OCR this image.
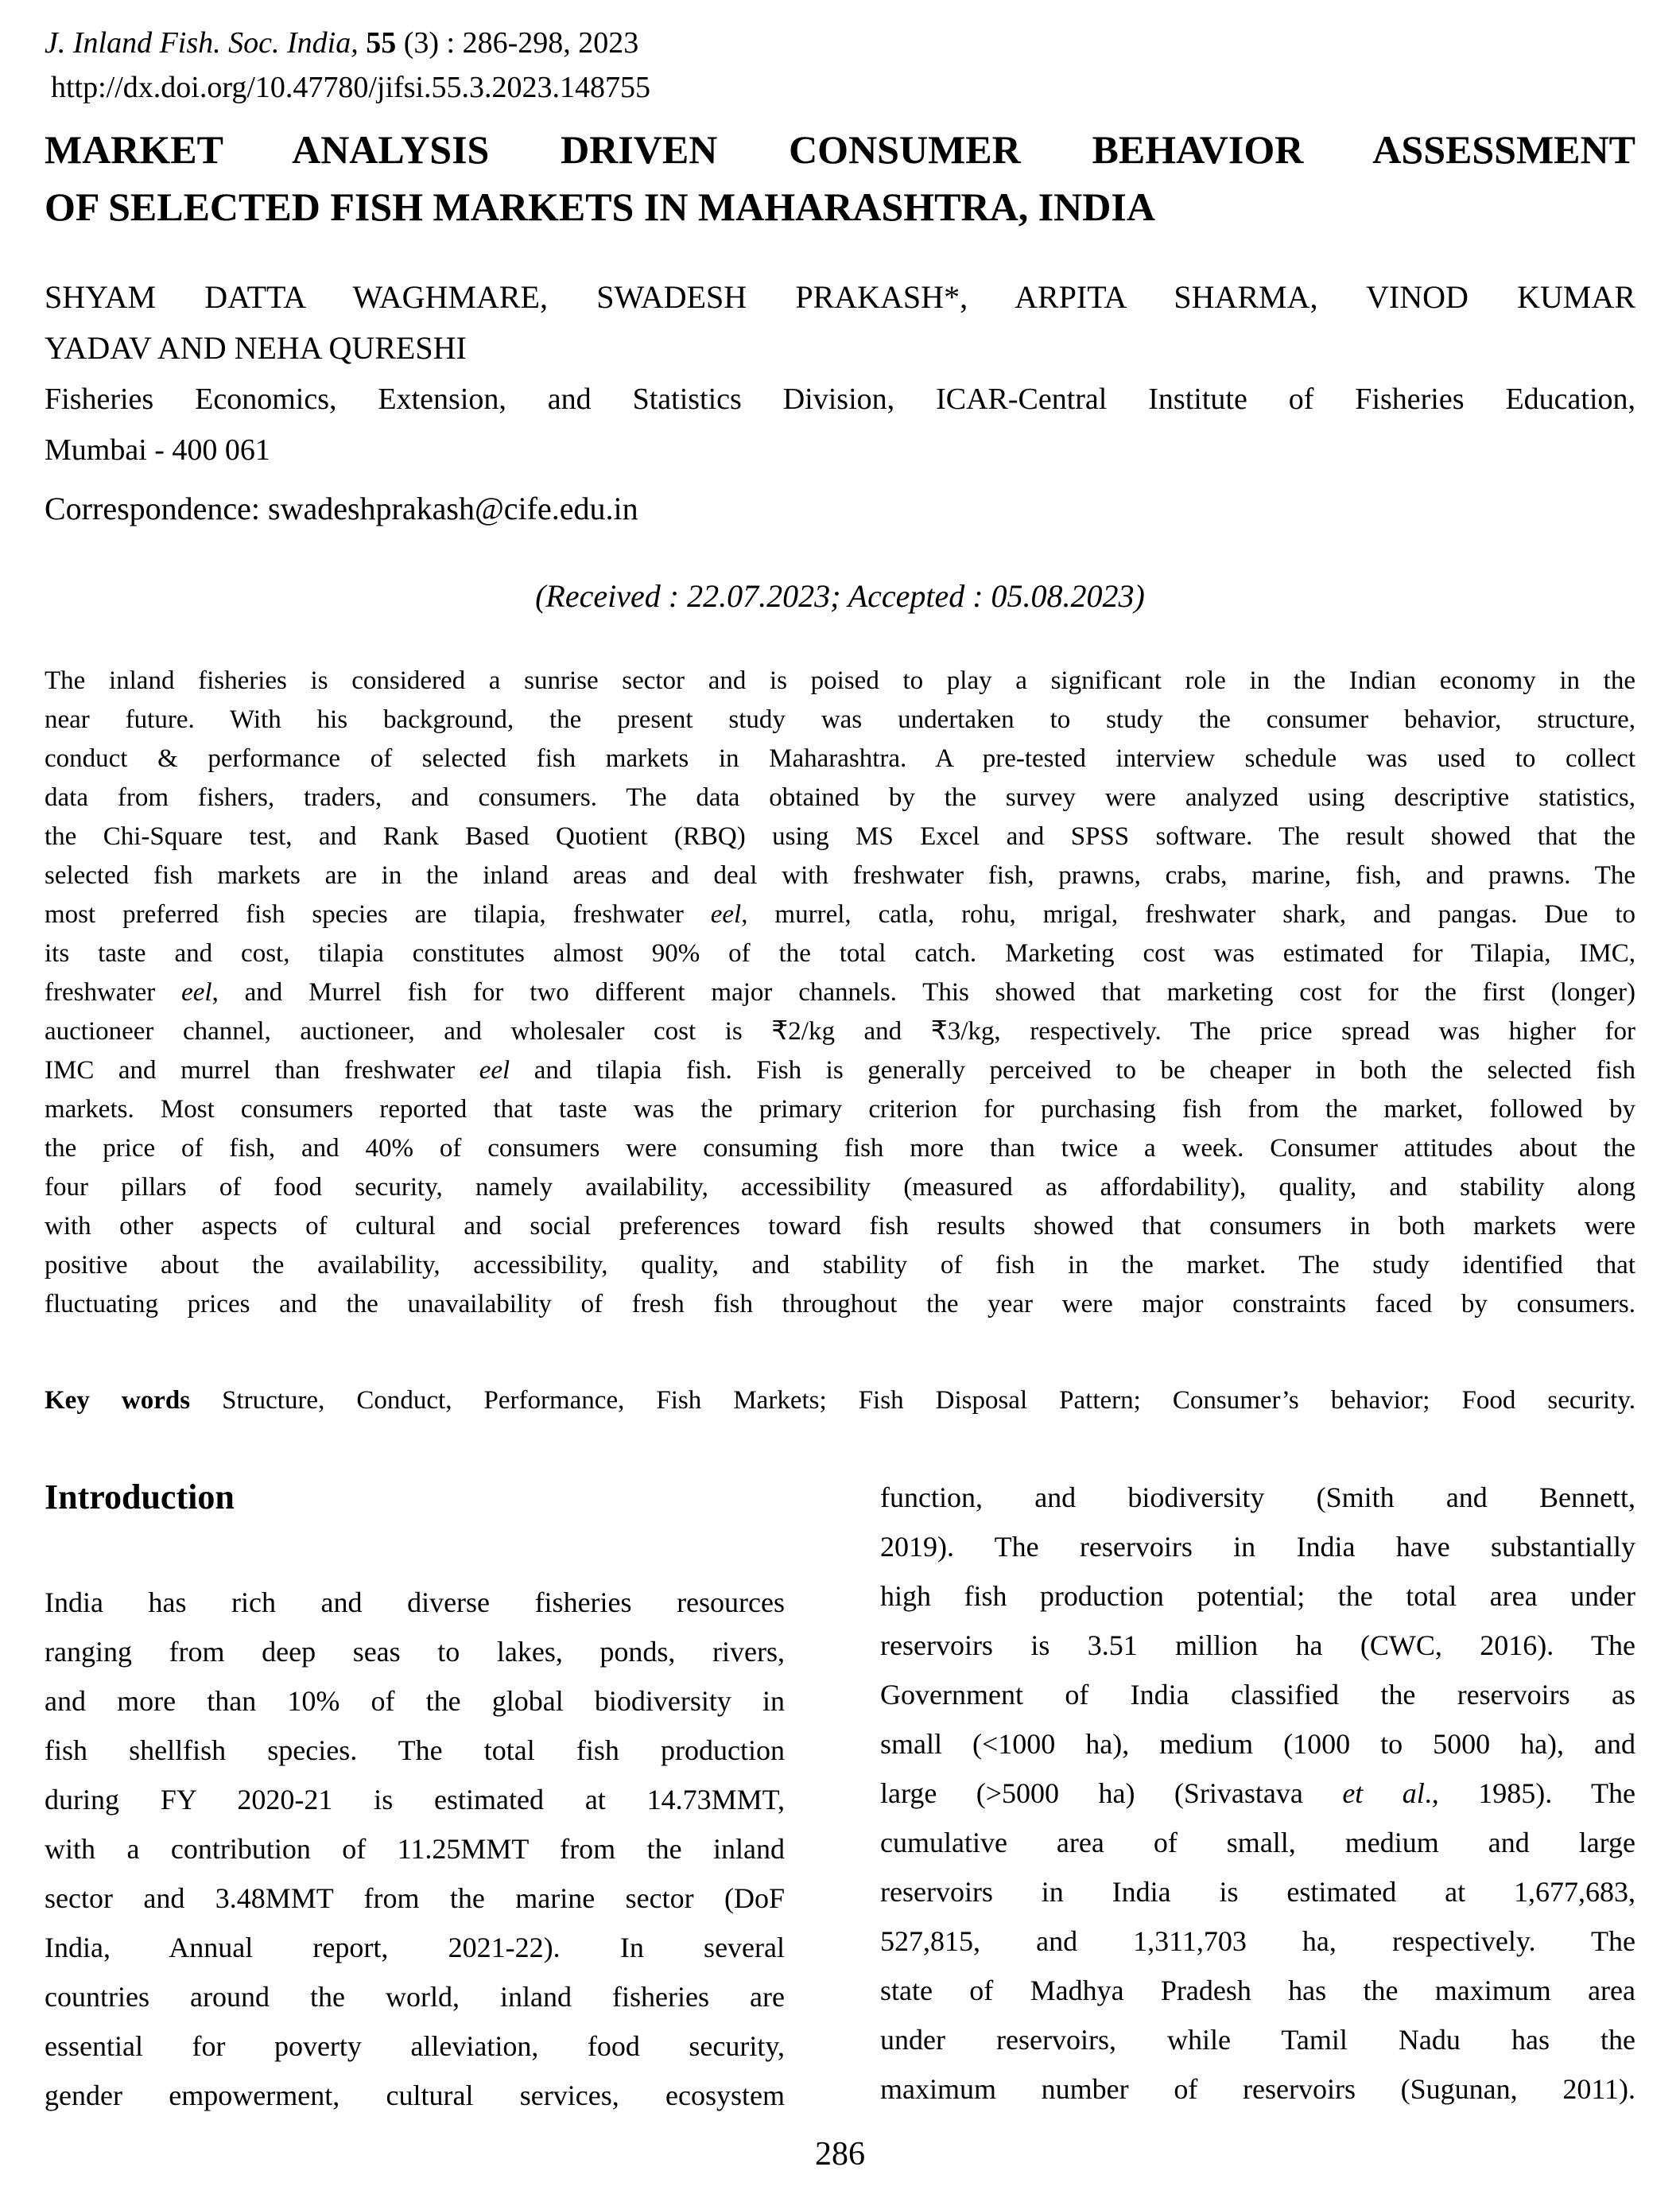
J. Inland Fish. Soc. India, 55 (3) : 286-298, 2023
http://dx.doi.org/10.47780/jifsi.55.3.2023.148755
MARKET ANALYSIS DRIVEN CONSUMER BEHAVIOR ASSESSMENT
OF SELECTED FISH MARKETS IN MAHARASHTRA, INDIA
SHYAM DATTA WAGHMARE, SWADESH PRAKASH*, ARPITA SHARMA, VINOD KUMAR
YADAV AND NEHA QURESHI
Fisheries Economics, Extension, and Statistics Division, ICAR-Central Institute of Fisheries Education,
Mumbai - 400 061
Correspondence: swadeshprakash@cife.edu.in
(Received : 22.07.2023; Accepted : 05.08.2023)
The inland fisheries is considered a sunrise sector and is poised to play a significant role in the Indian economy in the
near future. With his background, the present study was undertaken to study the consumer behavior, structure,
conduct & performance of selected fish markets in Maharashtra. A pre-tested interview schedule was used to collect
data from fishers, traders, and consumers. The data obtained by the survey were analyzed using descriptive statistics,
the Chi-Square test, and Rank Based Quotient (RBQ) using MS Excel and SPSS software. The result showed that the
selected fish markets are in the inland areas and deal with freshwater fish, prawns, crabs, marine, fish, and prawns. The
most preferred fish species are tilapia, freshwater eel, murrel, catla, rohu, mrigal, freshwater shark, and pangas. Due to
its taste and cost, tilapia constitutes almost 90% of the total catch. Marketing cost was estimated for Tilapia, IMC,
freshwater eel, and Murrel fish for two different major channels. This showed that marketing cost for the first (longer)
auctioneer channel, auctioneer, and wholesaler cost is ₹2/kg and ₹3/kg, respectively. The price spread was higher for
IMC and murrel than freshwater eel and tilapia fish. Fish is generally perceived to be cheaper in both the selected fish
markets. Most consumers reported that taste was the primary criterion for purchasing fish from the market, followed by
the price of fish, and 40% of consumers were consuming fish more than twice a week. Consumer attitudes about the
four pillars of food security, namely availability, accessibility (measured as affordability), quality, and stability along
with other aspects of cultural and social preferences toward fish results showed that consumers in both markets were
positive about the availability, accessibility, quality, and stability of fish in the market. The study identified that
fluctuating prices and the unavailability of fresh fish throughout the year were major constraints faced by consumers.
Key words Structure, Conduct, Performance, Fish Markets; Fish Disposal Pattern; Consumer’s behavior; Food security.
Introduction
India has rich and diverse fisheries resources
ranging from deep seas to lakes, ponds, rivers,
and more than 10% of the global biodiversity in
fish shellfish species. The total fish production
during FY 2020-21 is estimated at 14.73MMT,
with a contribution of 11.25MMT from the inland
sector and 3.48MMT from the marine sector (DoF
India, Annual report, 2021-22). In several
countries around the world, inland fisheries are
essential for poverty alleviation, food security,
gender empowerment, cultural services, ecosystem
function, and biodiversity (Smith and Bennett,
2019). The reservoirs in India have substantially
high fish production potential; the total area under
reservoirs is 3.51 million ha (CWC, 2016). The
Government of India classified the reservoirs as
small (<1000 ha), medium (1000 to 5000 ha), and
large (>5000 ha) (Srivastava et al., 1985). The
cumulative area of small, medium and large
reservoirs in India is estimated at 1,677,683,
527,815, and 1,311,703 ha, respectively. The
state of Madhya Pradesh has the maximum area
under reservoirs, while Tamil Nadu has the
maximum number of reservoirs (Sugunan, 2011).
286
